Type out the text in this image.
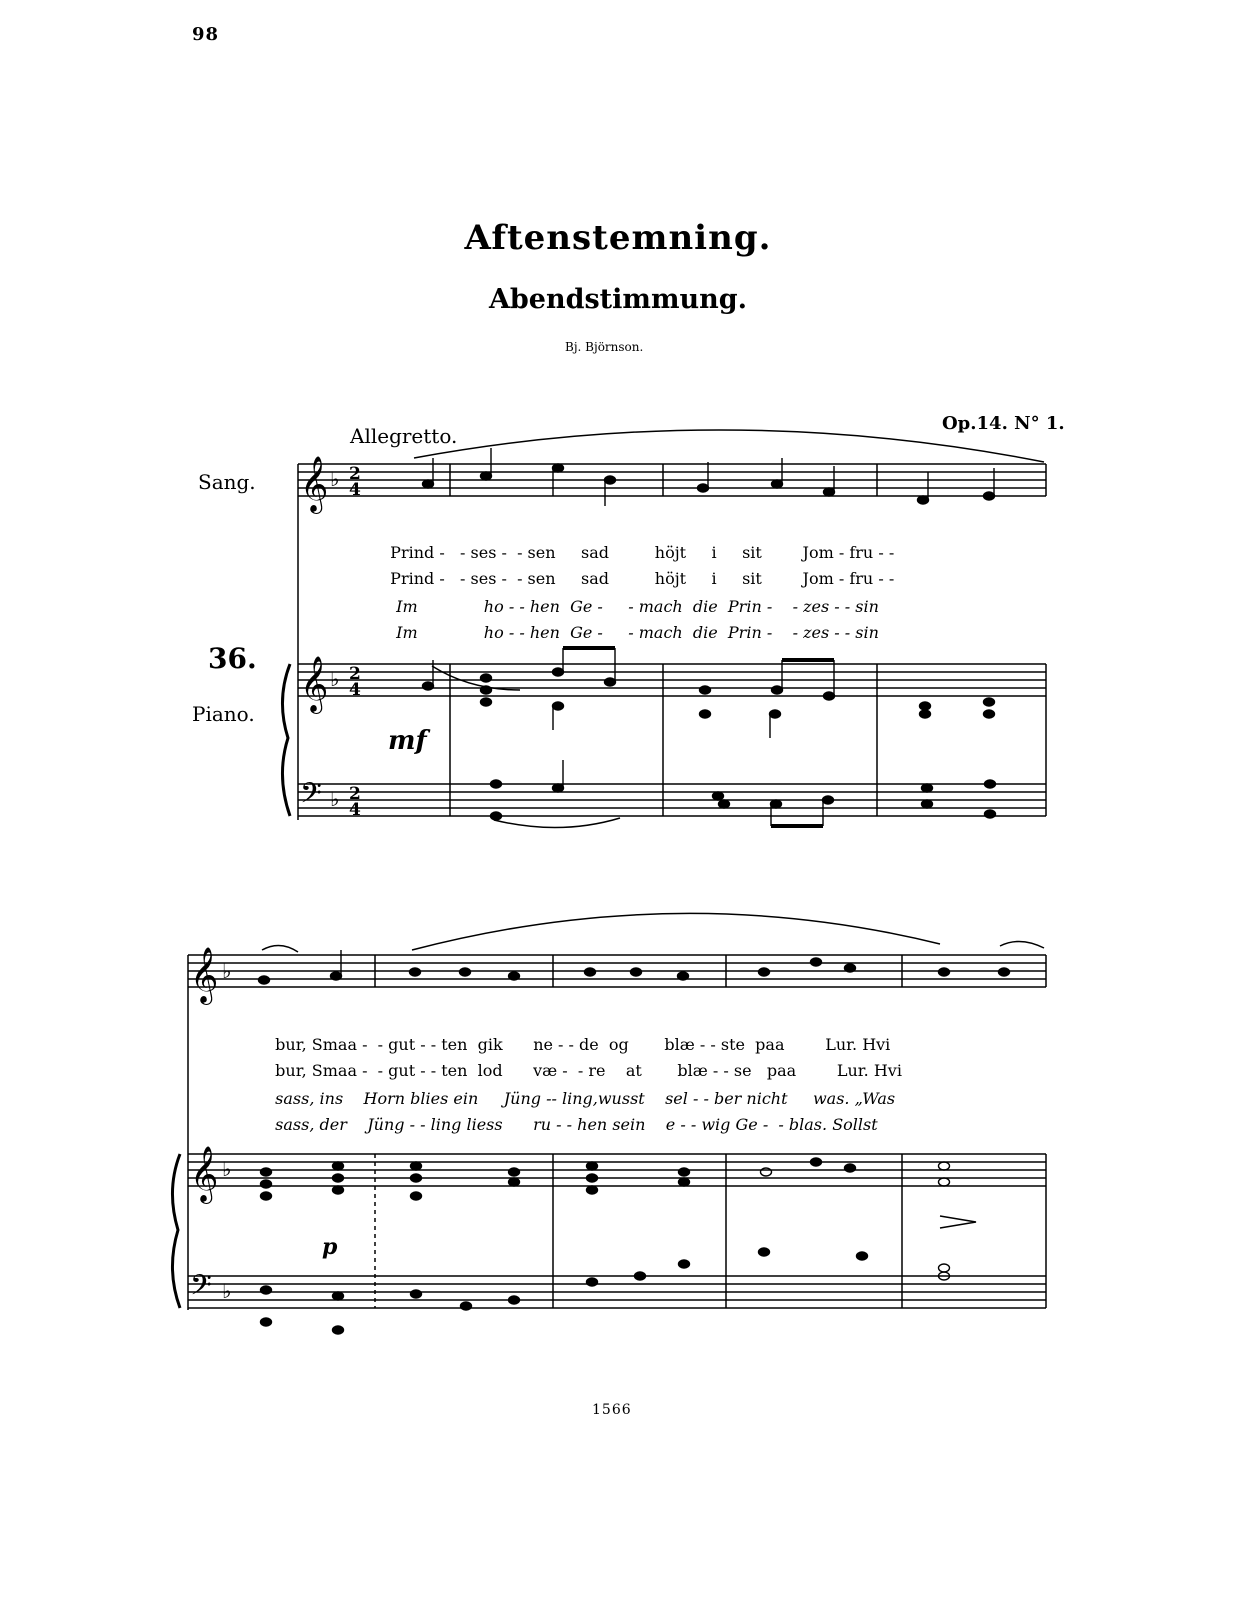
98
Aftenstemning.
Abendstimmung.
Bj. Björnson.
Op.14. N° 1.
Allegretto.
Sang.
36.
Piano.
mf
p

Prind - - ses - - sen sad	höjt i sit	Jom - fru - -

Prind - - ses - - sen sad	höjt i sit	Jom - fru - -

Im	ho - - hen Ge - - mach die Prin - - zes - - sin

Im	ho - - hen Ge - - mach die Prin - - zes - - sin

bur, Smaa - - gut - - ten gik ne - - de og blæ - - ste paa	Lur. Hvi

bur, Smaa - - gut - - ten lod væ - - re at blæ - - se paa	Lur. Hvi

sass, ins Horn blies ein Jüng -- ling,wusst sel - - ber nicht was. „Was

sass, der Jüng - - ling liess ru - - hen sein e - - wig Ge - - blas. Sollst

1566
𝄞
𝄞
𝄢
𝄞
𝄞
𝄢
♭
♭
♭
♭
♭
♭
2
4
2
4
2
4
